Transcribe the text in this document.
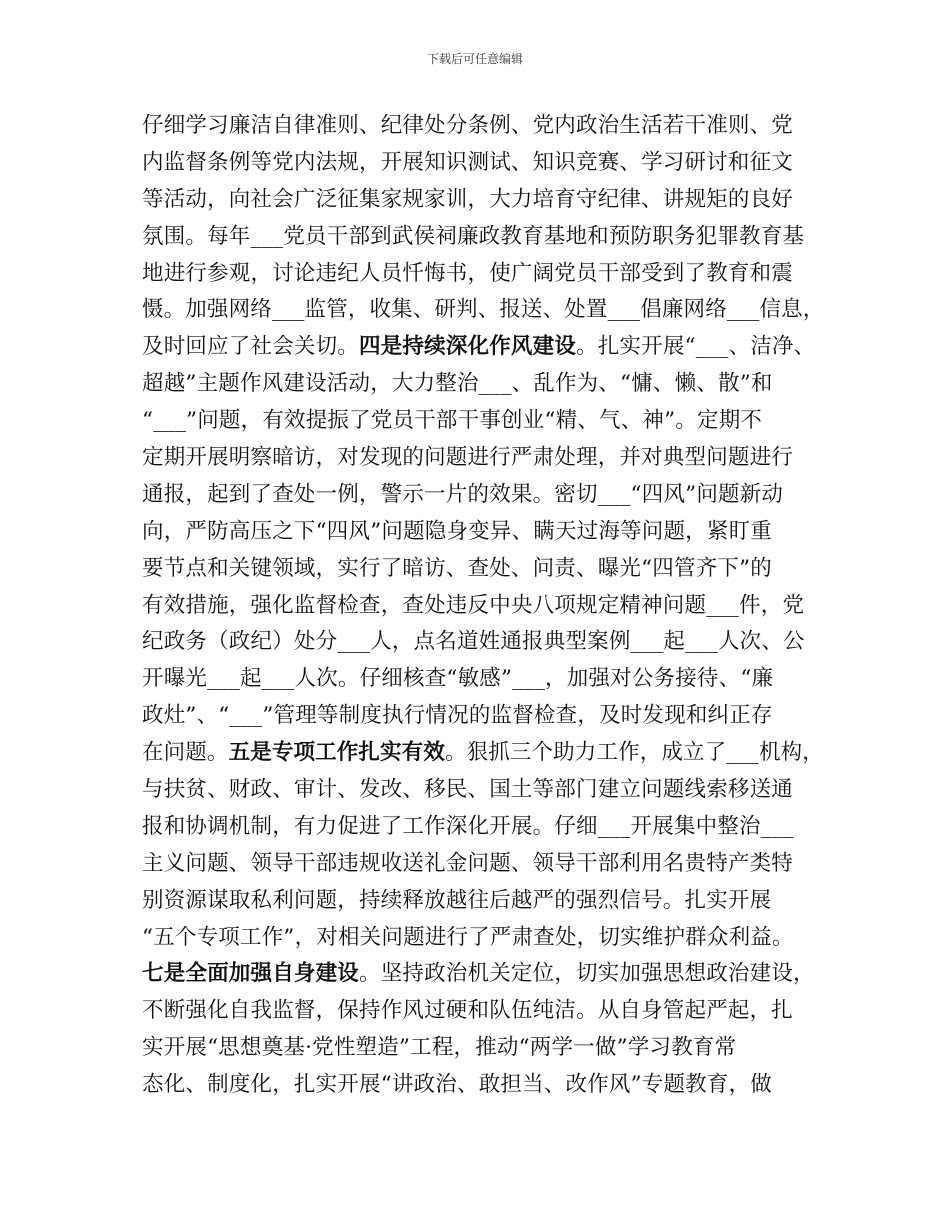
下载后可任意编辑
仔细学习廉洁自律准则、纪律处分条例、党内政治生活若干准则、党
内监督条例等党内法规，开展知识测试、知识竞赛、学习研讨和征文
等活动，向社会广泛征集家规家训，大力培育守纪律、讲规矩的良好
氛围。每年___党员干部到武侯祠廉政教育基地和预防职务犯罪教育基
地进行参观，讨论违纪人员忏悔书，使广阔党员干部受到了教育和震
慑。加强网络___监管，收集、研判、报送、处置___倡廉网络___信息，
及时回应了社会关切。四是持续深化作风建设。扎实开展“___、洁净、
超越”主题作风建设活动，大力整治___、乱作为、“慵、懒、散”和
“___”问题，有效提振了党员干部干事创业“精、气、神”。定期不
定期开展明察暗访，对发现的问题进行严肃处理，并对典型问题进行
通报，起到了查处一例，警示一片的效果。密切___“四风”问题新动
向，严防高压之下“四风”问题隐身变异、瞒天过海等问题，紧盯重
要节点和关键领域，实行了暗访、查处、问责、曝光“四管齐下”的
有效措施，强化监督检查，查处违反中央八项规定精神问题___件，党
纪政务（政纪）处分___人，点名道姓通报典型案例___起___人次、公
开曝光___起___人次。仔细核查“敏感”___，加强对公务接待、“廉
政灶”、“___”管理等制度执行情况的监督检查，及时发现和纠正存
在问题。五是专项工作扎实有效。狠抓三个助力工作，成立了___机构，
与扶贫、财政、审计、发改、移民、国土等部门建立问题线索移送通
报和协调机制，有力促进了工作深化开展。仔细___开展集中整治___
主义问题、领导干部违规收送礼金问题、领导干部利用名贵特产类特
别资源谋取私利问题，持续释放越往后越严的强烈信号。扎实开展
“五个专项工作”，对相关问题进行了严肃查处，切实维护群众利益。
七是全面加强自身建设。坚持政治机关定位，切实加强思想政治建设，
不断强化自我监督，保持作风过硬和队伍纯洁。从自身管起严起，扎
实开展“思想奠基·党性塑造”工程，推动“两学一做”学习教育常
态化、制度化，扎实开展“讲政治、敢担当、改作风”专题教育，做
